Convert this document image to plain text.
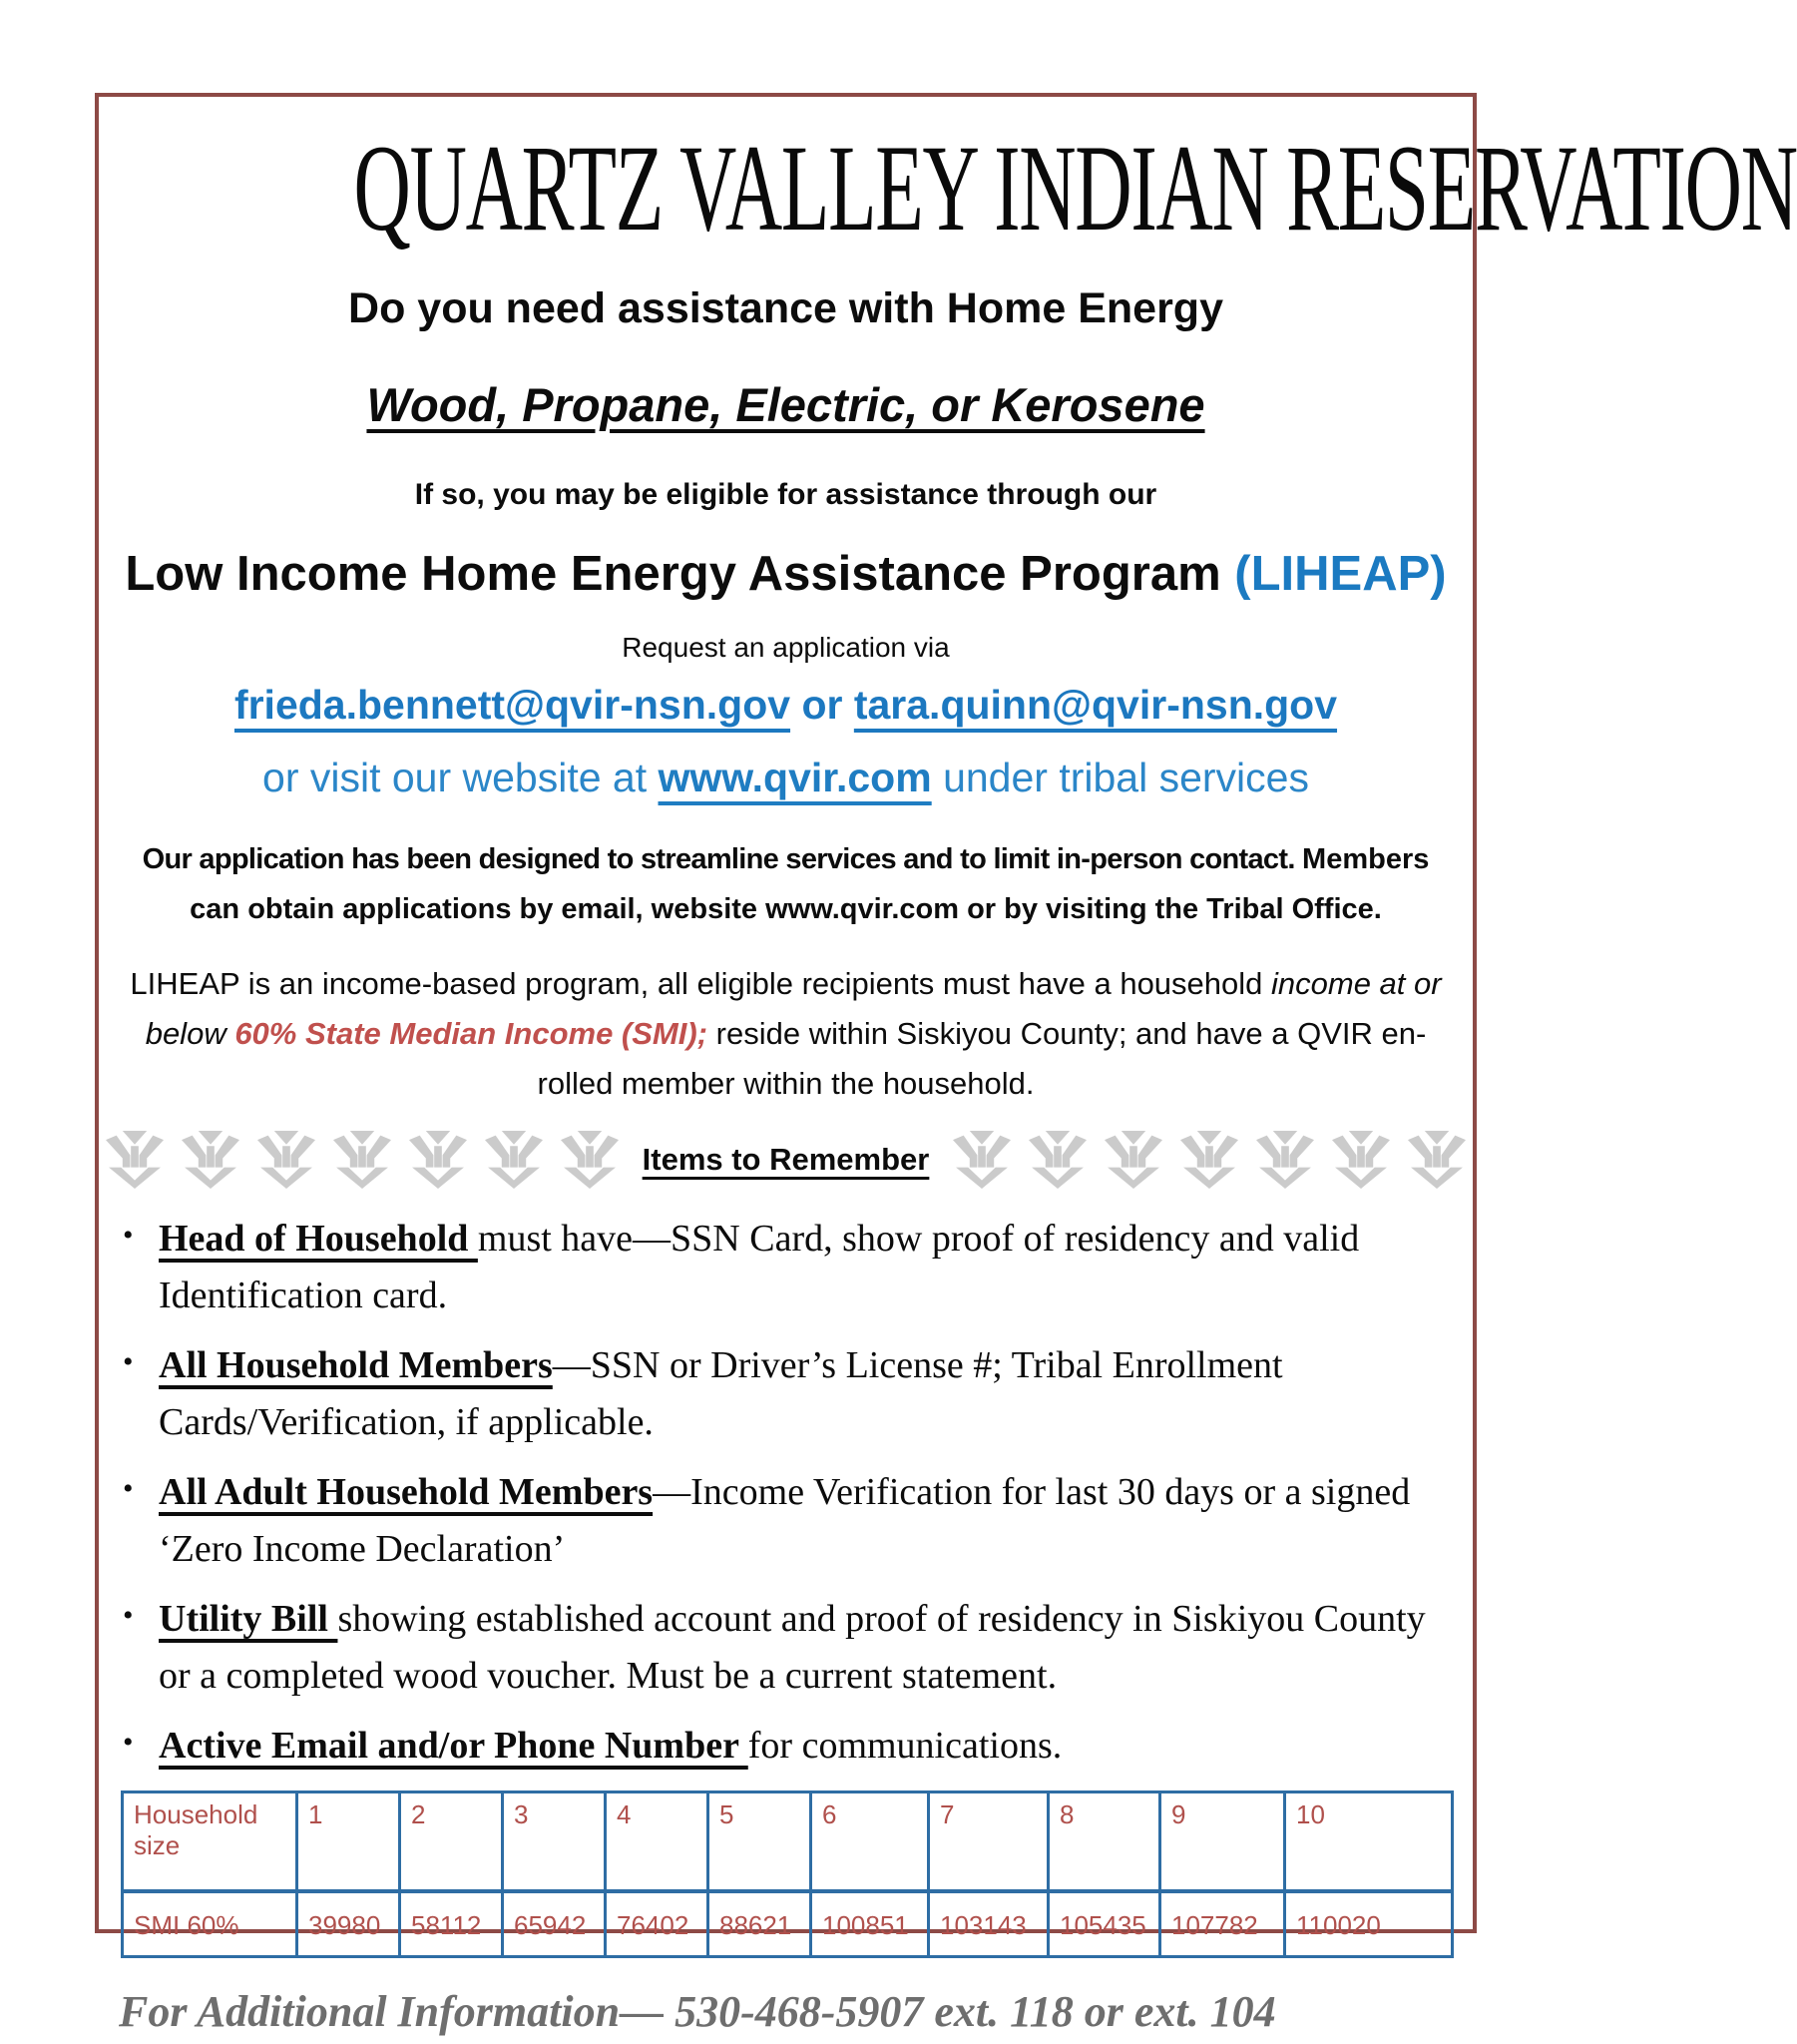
QUARTZ VALLEY INDIAN RESERVATION
Do you need assistance with Home Energy
Wood, Propane, Electric, or Kerosene
If so, you may be eligible for assistance through our
Low Income Home Energy Assistance Program (LIHEAP)
Request an application via
frieda.bennett@qvir-nsn.gov or tara.quinn@qvir-nsn.gov
or visit our website at www.qvir.com under tribal services
Our application has been designed to streamline services and to limit in-person contact. Members can obtain applications by email, website www.qvir.com or by visiting the Tribal Office.
LIHEAP is an income-based program, all eligible recipients must have a household income at or below 60% State Median Income (SMI); reside within Siskiyou County; and have a QVIR en-rolled member within the household.
Items to Remember
• Head of Household must have—SSN Card, show proof of residency and valid Identification card.
• All Household Members—SSN or Driver’s License #; Tribal Enrollment Cards/Verification, if applicable.
• All Adult Household Members—Income Verification for last 30 days or a signed ‘Zero Income Declaration’
• Utility Bill showing established account and proof of residency in Siskiyou County or a completed wood voucher. Must be a current statement.
• Active Email and/or Phone Number for communications.
Household size	1	2	3	4	5	6	7	8	9	10
SMI 60%	39980	58112	65942	76402	88621	100851	103143	105435	107782	110020
For Additional Information— 530-468-5907 ext. 118 or ext. 104
